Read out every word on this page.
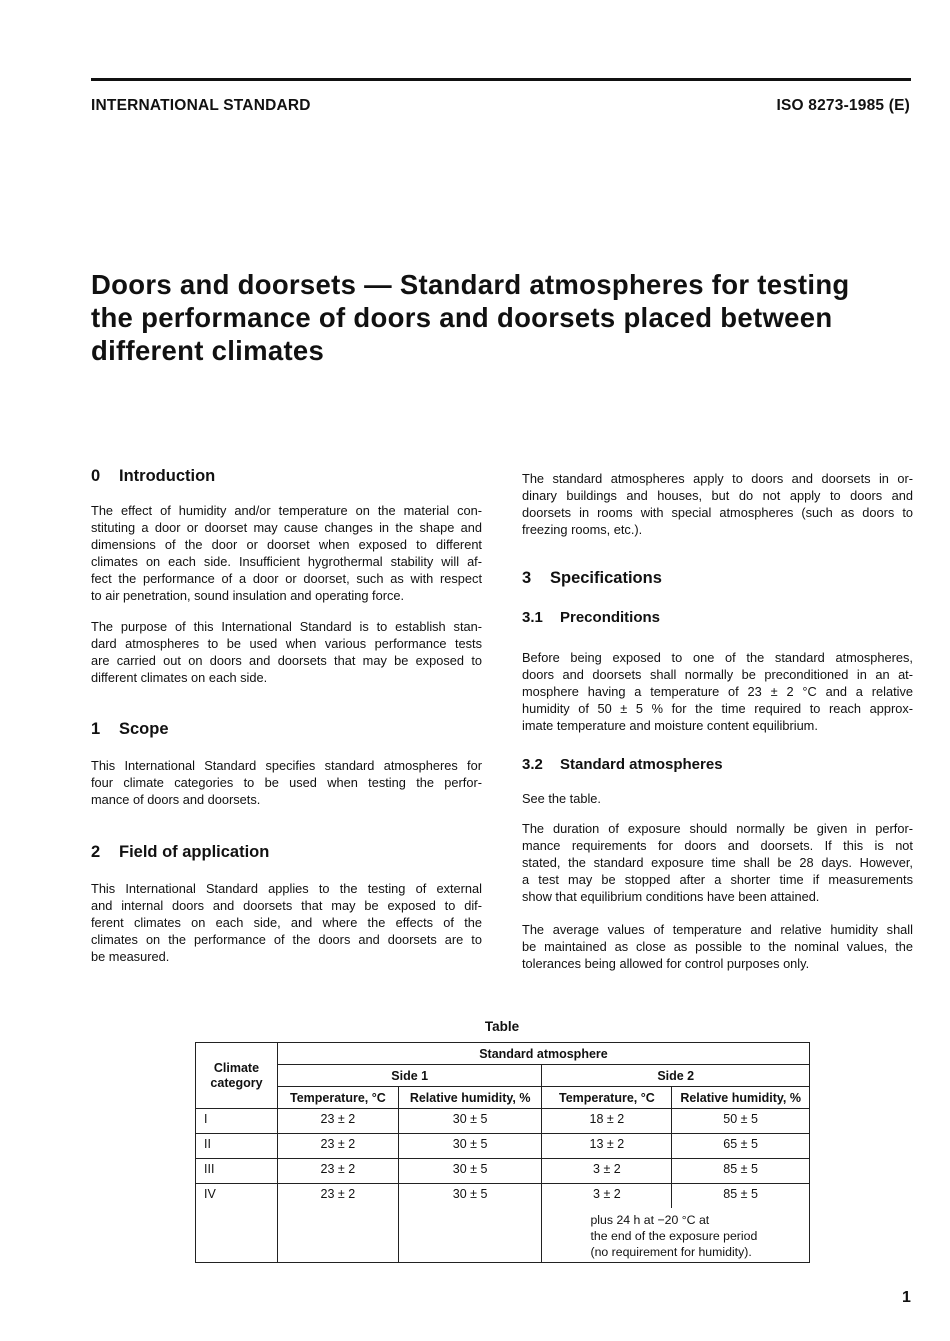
INTERNATIONAL STANDARD	ISO 8273-1985 (E)
Doors and doorsets — Standard atmospheres for testing
the performance of doors and doorsets placed between
different climates
0 Introduction
The effect of humidity and/or temperature on the material con-
stituting a door or doorset may cause changes in the shape and
dimensions of the door or doorset when exposed to different
climates on each side. Insufficient hygrothermal stability will af-
fect the performance of a door or doorset, such as with respect
to air penetration, sound insulation and operating force.
The purpose of this International Standard is to establish stan-
dard atmospheres to be used when various performance tests
are carried out on doors and doorsets that may be exposed to
different climates on each side.
1 Scope
This International Standard specifies standard atmospheres for
four climate categories to be used when testing the perfor-
mance of doors and doorsets.
2 Field of application
This International Standard applies to the testing of external
and internal doors and doorsets that may be exposed to dif-
ferent climates on each side, and where the effects of the
climates on the performance of the doors and doorsets are to
be measured.
The standard atmospheres apply to doors and doorsets in or-
dinary buildings and houses, but do not apply to doors and
doorsets in rooms with special atmospheres (such as doors to
freezing rooms, etc.).
3 Specifications
3.1 Preconditions
Before being exposed to one of the standard atmospheres,
doors and doorsets shall normally be preconditioned in an at-
mosphere having a temperature of 23 ± 2 °C and a relative
humidity of 50 ± 5 % for the time required to reach approx-
imate temperature and moisture content equilibrium.
3.2 Standard atmospheres
See the table.
The duration of exposure should normally be given in perfor-
mance requirements for doors and doorsets. If this is not
stated, the standard exposure time shall be 28 days. However,
a test may be stopped after a shorter time if measurements
show that equilibrium conditions have been attained.
The average values of temperature and relative humidity shall
be maintained as close as possible to the nominal values, the
tolerances being allowed for control purposes only.
Table
Climate category	Standard atmosphere			
	Side 1		Side 2	
	Temperature, °C	Relative humidity, %	Temperature, °C	Relative humidity, %
I	23 ± 2	30 ± 5	18 ± 2	50 ± 5
II	23 ± 2	30 ± 5	13 ± 2	65 ± 5
III	23 ± 2	30 ± 5	3 ± 2	85 ± 5
IV	23 ± 2	30 ± 5	3 ± 2	85 ± 5

			plus 24 h at −20 °C at
the end of the exposure period
(no requirement for humidity).	
1
